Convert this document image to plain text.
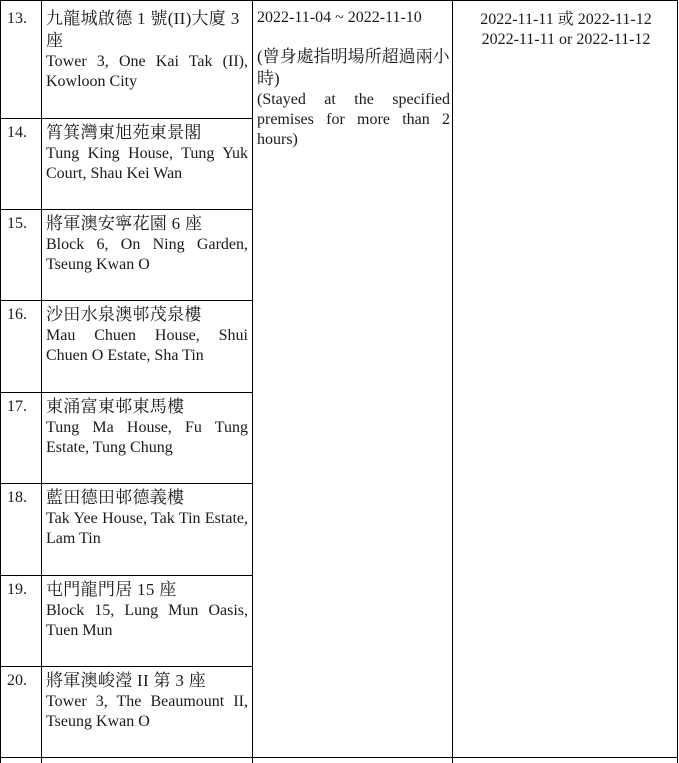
13. 九龍城啟德 1 號(II)大廈 3 座
Tower 3, One Kai Tak (II), Kowloon City
14. 筲箕灣東旭苑東景閣
Tung King House, Tung Yuk Court, Shau Kei Wan
15. 將軍澳安寧花園 6 座
Block 6, On Ning Garden, Tseung Kwan O
16. 沙田水泉澳邨茂泉樓
Mau Chuen House, Shui Chuen O Estate, Sha Tin
17. 東涌富東邨東馬樓
Tung Ma House, Fu Tung Estate, Tung Chung
18. 藍田德田邨德義樓
Tak Yee House, Tak Tin Estate, Lam Tin
19. 屯門龍門居 15 座
Block 15, Lung Mun Oasis, Tuen Mun
20. 將軍澳峻瀅 II 第 3 座
Tower 3, The Beaumount II, Tseung Kwan O
2022-11-04 ~ 2022-11-10
(曾身處指明場所超過兩小時)
(Stayed at the specified premises for more than 2 hours)
2022-11-11 或 2022-11-12
2022-11-11 or 2022-11-12
